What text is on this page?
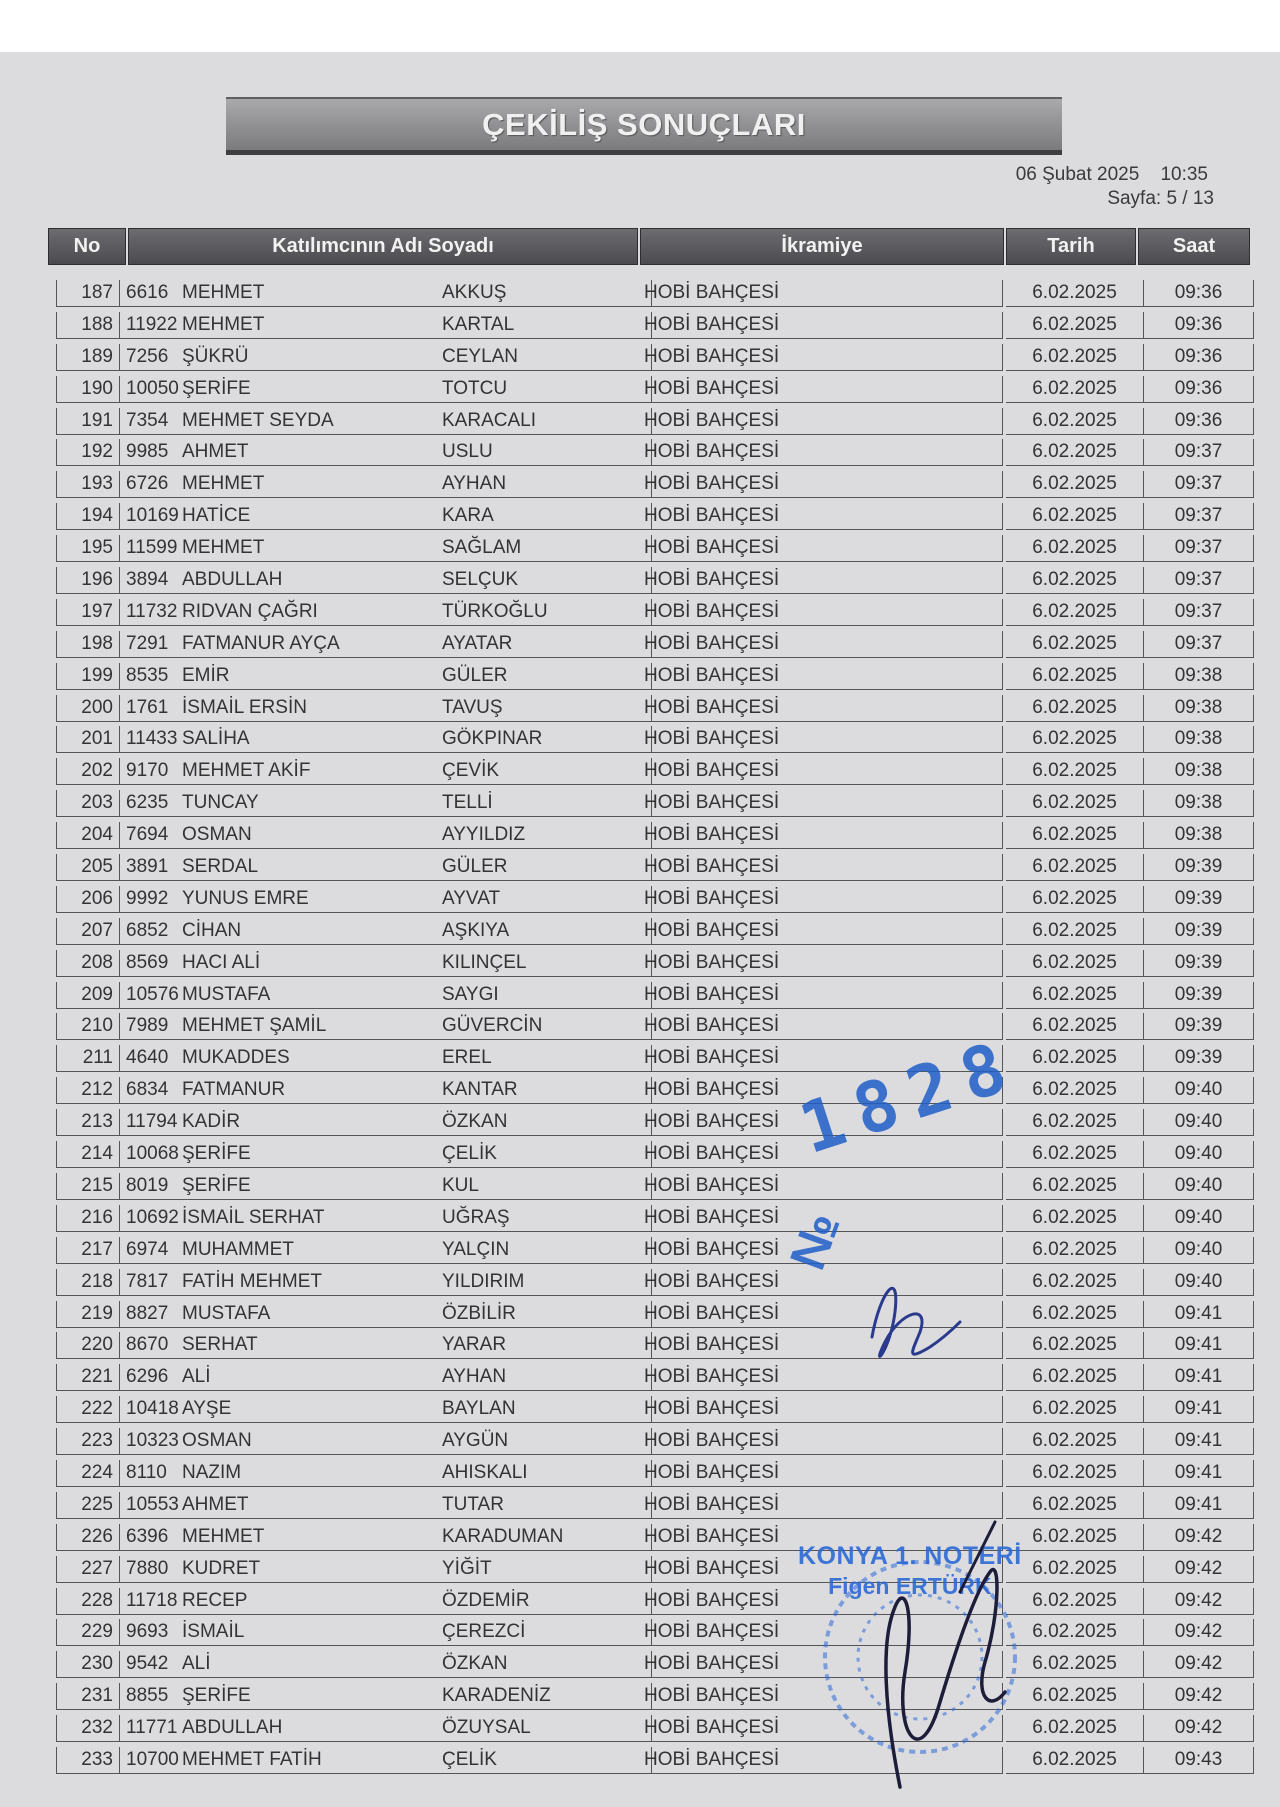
ÇEKİLİŞ SONUÇLARI
06 Şubat 2025 10:35
Sayfa: 5 / 13
No	Katılımcının Adı Soyadı	İkramiye	Tarih	Saat
187 6616 MEHMET	AKKUŞ	HOBİ BAHÇESİ	6.02.2025	09:36
188 11922 MEHMET	KARTAL	HOBİ BAHÇESİ	6.02.2025	09:36
189 7256 ŞÜKRÜ	CEYLAN	HOBİ BAHÇESİ	6.02.2025	09:36
190 10050 ŞERİFE	TOTCU	HOBİ BAHÇESİ	6.02.2025	09:36
191 7354 MEHMET SEYDA	KARACALI	HOBİ BAHÇESİ	6.02.2025	09:36
192 9985 AHMET	USLU	HOBİ BAHÇESİ	6.02.2025	09:37
193 6726 MEHMET	AYHAN	HOBİ BAHÇESİ	6.02.2025	09:37
194 10169 HATİCE	KARA	HOBİ BAHÇESİ	6.02.2025	09:37
195 11599 MEHMET	SAĞLAM	HOBİ BAHÇESİ	6.02.2025	09:37
196 3894 ABDULLAH	SELÇUK	HOBİ BAHÇESİ	6.02.2025	09:37
197 11732 RIDVAN ÇAĞRI	TÜRKOĞLU	HOBİ BAHÇESİ	6.02.2025	09:37
198 7291 FATMANUR AYÇA	AYATAR	HOBİ BAHÇESİ	6.02.2025	09:37
199 8535 EMİR	GÜLER	HOBİ BAHÇESİ	6.02.2025	09:38
200 1761 İSMAİL ERSİN	TAVUŞ	HOBİ BAHÇESİ	6.02.2025	09:38
201 11433 SALİHA	GÖKPINAR	HOBİ BAHÇESİ	6.02.2025	09:38
202 9170 MEHMET AKİF	ÇEVİK	HOBİ BAHÇESİ	6.02.2025	09:38
203 6235 TUNCAY	TELLİ	HOBİ BAHÇESİ	6.02.2025	09:38
204 7694 OSMAN	AYYILDIZ	HOBİ BAHÇESİ	6.02.2025	09:38
205 3891 SERDAL	GÜLER	HOBİ BAHÇESİ	6.02.2025	09:39
206 9992 YUNUS EMRE	AYVAT	HOBİ BAHÇESİ	6.02.2025	09:39
207 6852 CİHAN	AŞKIYA	HOBİ BAHÇESİ	6.02.2025	09:39
208 8569 HACI ALİ	KILINÇEL	HOBİ BAHÇESİ	6.02.2025	09:39
209 10576 MUSTAFA	SAYGI	HOBİ BAHÇESİ	6.02.2025	09:39
210 7989 MEHMET ŞAMİL	GÜVERCİN	HOBİ BAHÇESİ	6.02.2025	09:39
211 4640 MUKADDES	EREL	HOBİ BAHÇESİ	6.02.2025	09:39
212 6834 FATMANUR	KANTAR	HOBİ BAHÇESİ	6.02.2025	09:40
213 11794 KADİR	ÖZKAN	HOBİ BAHÇESİ	6.02.2025	09:40
214 10068 ŞERİFE	ÇELİK	HOBİ BAHÇESİ	6.02.2025	09:40
215 8019 ŞERİFE	KUL	HOBİ BAHÇESİ	6.02.2025	09:40
216 10692 İSMAİL SERHAT	UĞRAŞ	HOBİ BAHÇESİ	6.02.2025	09:40
217 6974 MUHAMMET	YALÇIN	HOBİ BAHÇESİ	6.02.2025	09:40
218 7817 FATİH MEHMET	YILDIRIM	HOBİ BAHÇESİ	6.02.2025	09:40
219 8827 MUSTAFA	ÖZBİLİR	HOBİ BAHÇESİ	6.02.2025	09:41
220 8670 SERHAT	YARAR	HOBİ BAHÇESİ	6.02.2025	09:41
221 6296 ALİ	AYHAN	HOBİ BAHÇESİ	6.02.2025	09:41
222 10418 AYŞE	BAYLAN	HOBİ BAHÇESİ	6.02.2025	09:41
223 10323 OSMAN	AYGÜN	HOBİ BAHÇESİ	6.02.2025	09:41
224 8110 NAZIM	AHISKALI	HOBİ BAHÇESİ	6.02.2025	09:41
225 10553 AHMET	TUTAR	HOBİ BAHÇESİ	6.02.2025	09:41
226 6396 MEHMET	KARADUMAN	HOBİ BAHÇESİ	6.02.2025	09:42
227 7880 KUDRET	YİĞİT	HOBİ BAHÇESİ	6.02.2025	09:42
228 11718 RECEP	ÖZDEMİR	HOBİ BAHÇESİ	6.02.2025	09:42
229 9693 İSMAİL	ÇEREZCİ	HOBİ BAHÇESİ	6.02.2025	09:42
230 9542 ALİ	ÖZKAN	HOBİ BAHÇESİ	6.02.2025	09:42
231 8855 ŞERİFE	KARADENİZ	HOBİ BAHÇESİ	6.02.2025	09:42
232 11771 ABDULLAH	ÖZUYSAL	HOBİ BAHÇESİ	6.02.2025	09:42
233 10700 MEHMET FATİH	ÇELİK	HOBİ BAHÇESİ	6.02.2025	09:43
1828
№
KONYA 1. NOTERİ
Figen ERTÜRK
